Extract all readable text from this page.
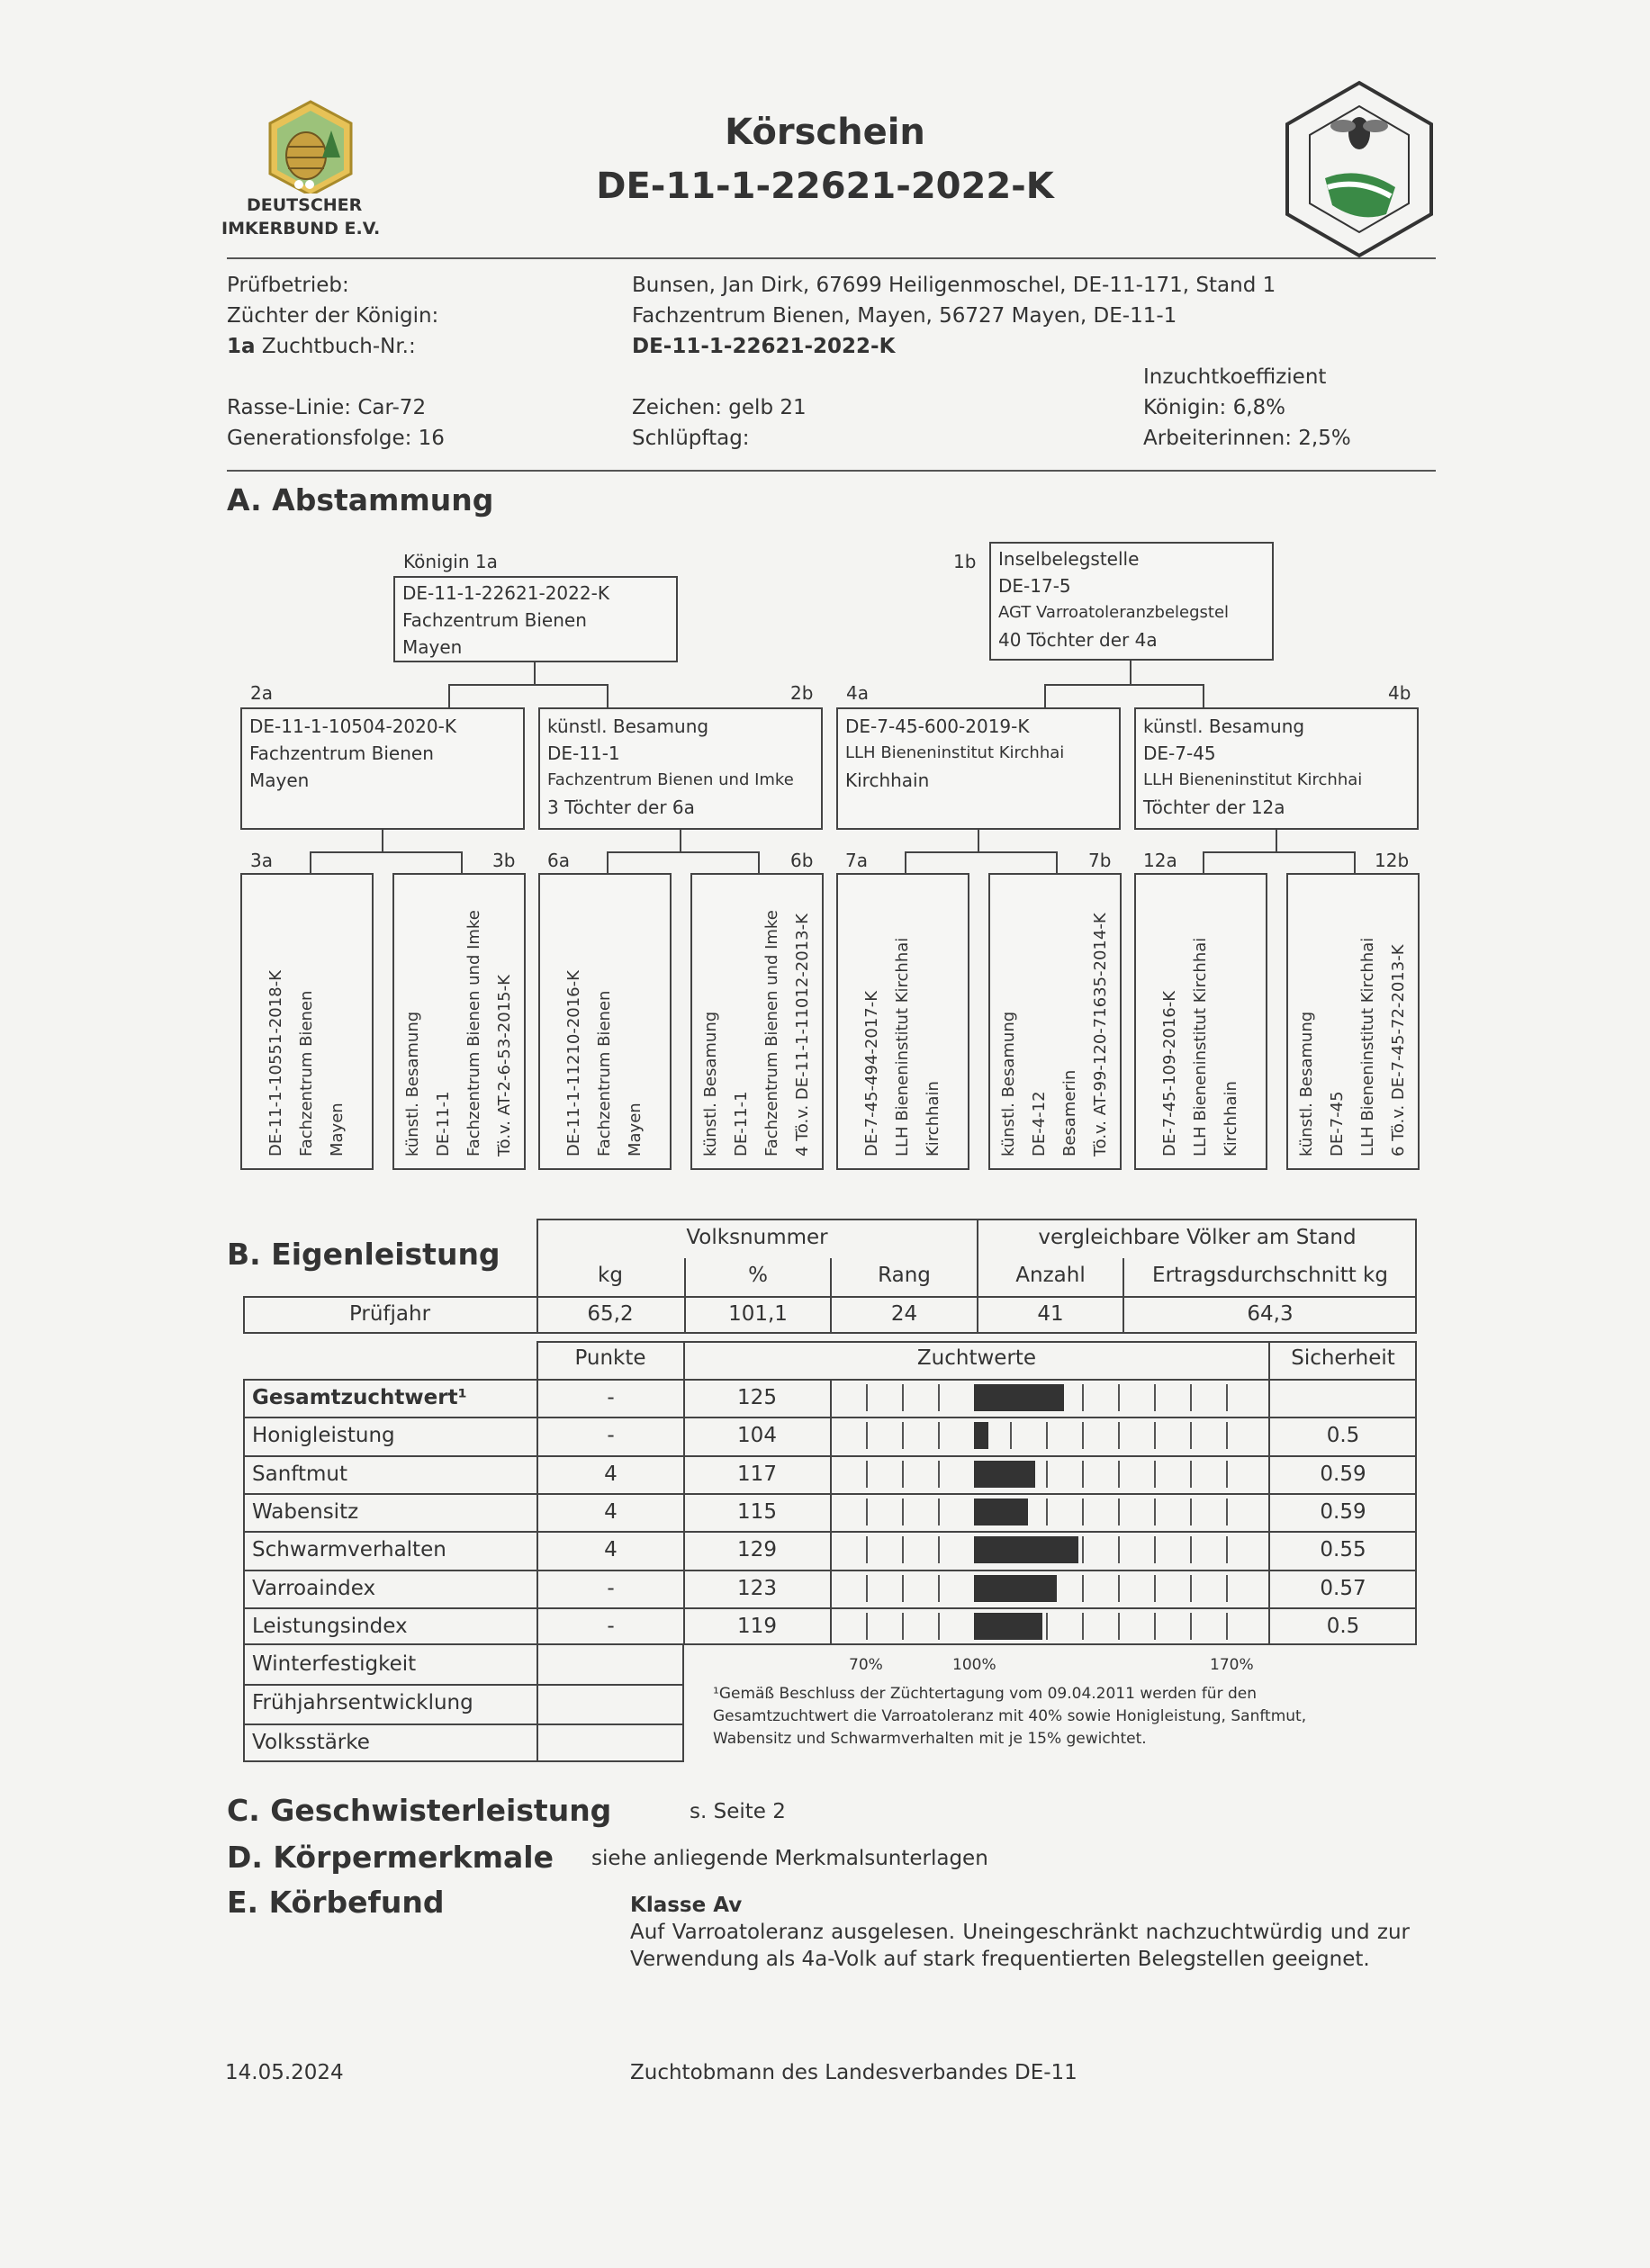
DEUTSCHER
IMKERBUND E.V.
Körschein
DE-11-1-22621-2022-K
Prüfbetrieb:	Bunsen, Jan Dirk, 67699 Heiligenmoschel, DE-11-171, Stand 1
Züchter der Königin:	Fachzentrum Bienen, Mayen, 56727 Mayen, DE-11-1
1a Zuchtbuch-Nr.:	DE-11-1-22621-2022-K
Inzuchtkoeffizient
Rasse-Linie: Car-72	Zeichen: gelb 21	Königin: 6,8%
Generationsfolge: 16	Schlüpftag:	Arbeiterinnen: 2,5%
A. Abstammung
Königin 1a
DE-11-1-22621-2022-K
Fachzentrum Bienen
Mayen
1b Inselbelegstelle
DE-17-5
AGT Varroatoleranzbelegstel
40 Töchter der 4a
2a
DE-11-1-10504-2020-K
Fachzentrum Bienen
Mayen
2b
künstl. Besamung
DE-11-1
Fachzentrum Bienen und Imke
3 Töchter der 6a
4a
DE-7-45-600-2019-K
LLH Bieneninstitut Kirchhai
Kirchhain
4b
künstl. Besamung
DE-7-45
LLH Bieneninstitut Kirchhai
Töchter der 12a
3a	3b 6a	6b 7a	7b 12a	12b
DE-11-1-10551-2018-K Fachzentrum Bienen Mayen	künstl. Besamung DE-11-1 Fachzentrum Bienen und Imke Tö.v. AT-2-6-53-2015-K	DE-11-1-11210-2016-K Fachzentrum Bienen Mayen	künstl. Besamung DE-11-1 Fachzentrum Bienen und Imke 4 Tö.v. DE-11-1-11012-2013-K	DE-7-45-494-2017-K LLH Bieneninstitut Kirchhai Kirchhain	künstl. Besamung DE-4-12 Besamerin Tö.v. AT-99-120-71635-2014-K	DE-7-45-109-2016-K LLH Bieneninstitut Kirchhai Kirchhain	künstl. Besamung DE-7-45 LLH Bieneninstitut Kirchhai 6 Tö.v. DE-7-45-72-2013-K
B. Eigenleistung	Volksnummer	vergleichbare Völker am Stand
kg	%	Rang	Anzahl	Ertragsdurchschnitt kg
Prüfjahr	65,2	101,1	24	41	64,3
Punkte	Zuchtwerte	Sicherheit
Gesamtzuchtwert¹	-	125
Honigleistung	-	104	0.5
Sanftmut	4	117	0.59
Wabensitz	4	115	0.59
Schwarmverhalten	4	129	0.55
Varroaindex	-	123	0.57
Leistungsindex	-	119	0.5
Winterfestigkeit
Frühjahrsentwicklung
Volksstärke
70%	100%	170%
¹Gemäß Beschluss der Züchtertagung vom 09.04.2011 werden für den Gesamtzuchtwert die Varroatoleranz mit 40% sowie Honigleistung, Sanftmut, Wabensitz und Schwarmverhalten mit je 15% gewichtet.
C. Geschwisterleistung	s. Seite 2
D. Körpermerkmale siehe anliegende Merkmalsunterlagen
E. Körbefund	Klasse Av
Auf Varroatoleranz ausgelesen. Uneingeschränkt nachzuchtwürdig und zur Verwendung als 4a-Volk auf stark frequentierten Belegstellen geeignet.
14.05.2024	Zuchtobmann des Landesverbandes DE-11
